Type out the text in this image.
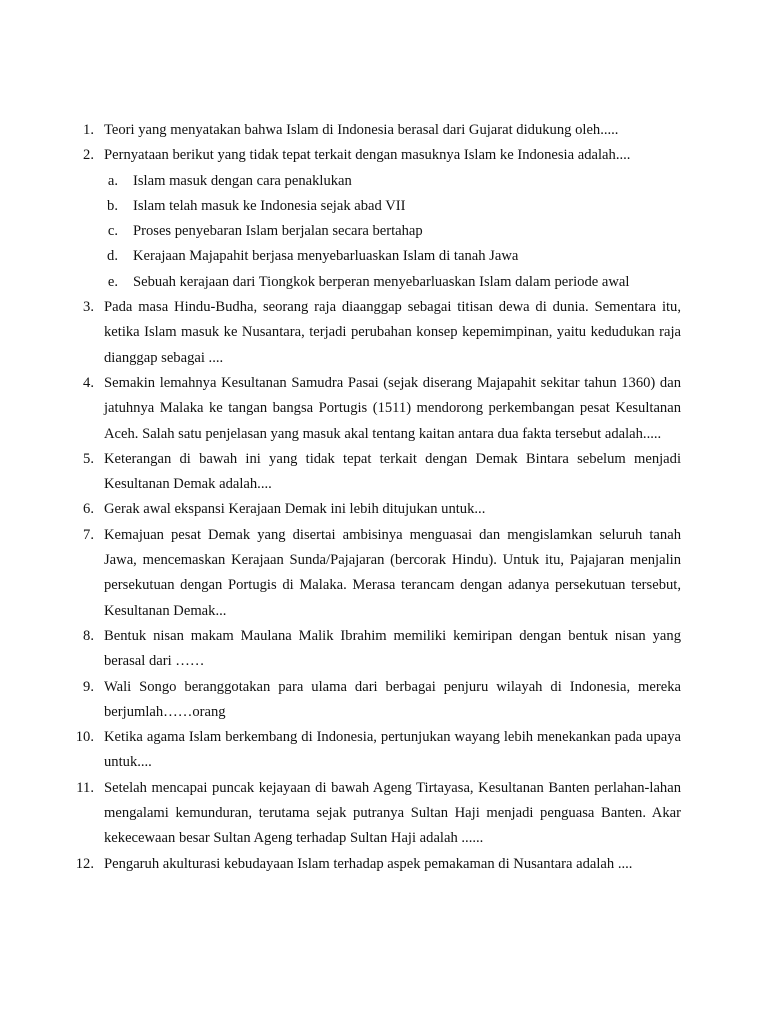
1. Teori yang menyatakan bahwa Islam di Indonesia berasal dari Gujarat didukung oleh.....
2. Pernyataan berikut yang tidak tepat terkait dengan masuknya Islam ke Indonesia adalah....
a. Islam masuk dengan cara penaklukan
b. Islam telah masuk ke Indonesia sejak abad VII
c. Proses penyebaran Islam berjalan secara bertahap
d. Kerajaan Majapahit berjasa menyebarluaskan Islam di tanah Jawa
e. Sebuah kerajaan dari Tiongkok berperan menyebarluaskan Islam dalam periode awal
3. Pada masa Hindu-Budha, seorang raja diaanggap sebagai titisan dewa di dunia. Sementara itu, ketika Islam masuk ke Nusantara, terjadi perubahan konsep kepemimpinan, yaitu kedudukan raja dianggap sebagai ....
4. Semakin lemahnya Kesultanan Samudra Pasai (sejak diserang Majapahit sekitar tahun 1360) dan jatuhnya Malaka ke tangan bangsa Portugis (1511) mendorong perkembangan pesat Kesultanan Aceh. Salah satu penjelasan yang masuk akal tentang kaitan antara dua fakta tersebut adalah.....
5. Keterangan di bawah ini yang tidak tepat terkait dengan Demak Bintara sebelum menjadi Kesultanan Demak adalah....
6. Gerak awal ekspansi Kerajaan Demak ini lebih ditujukan untuk...
7. Kemajuan pesat Demak yang disertai ambisinya menguasai dan mengislamkan seluruh tanah Jawa, mencemaskan Kerajaan Sunda/Pajajaran (bercorak Hindu). Untuk itu, Pajajaran menjalin persekutuan dengan Portugis di Malaka. Merasa terancam dengan adanya persekutuan tersebut, Kesultanan Demak...
8. Bentuk nisan makam Maulana Malik Ibrahim memiliki kemiripan dengan bentuk nisan yang berasal dari ……
9. Wali Songo beranggotakan para ulama dari berbagai penjuru wilayah di Indonesia, mereka berjumlah……orang
10. Ketika agama Islam berkembang di Indonesia, pertunjukan wayang lebih menekankan pada upaya untuk....
11. Setelah mencapai puncak kejayaan di bawah Ageng Tirtayasa, Kesultanan Banten perlahan-lahan mengalami kemunduran, terutama sejak putranya Sultan Haji menjadi penguasa Banten. Akar kekecewaan besar Sultan Ageng terhadap Sultan Haji adalah ......
12. Pengaruh akulturasi kebudayaan Islam terhadap aspek pemakaman di Nusantara adalah ....
